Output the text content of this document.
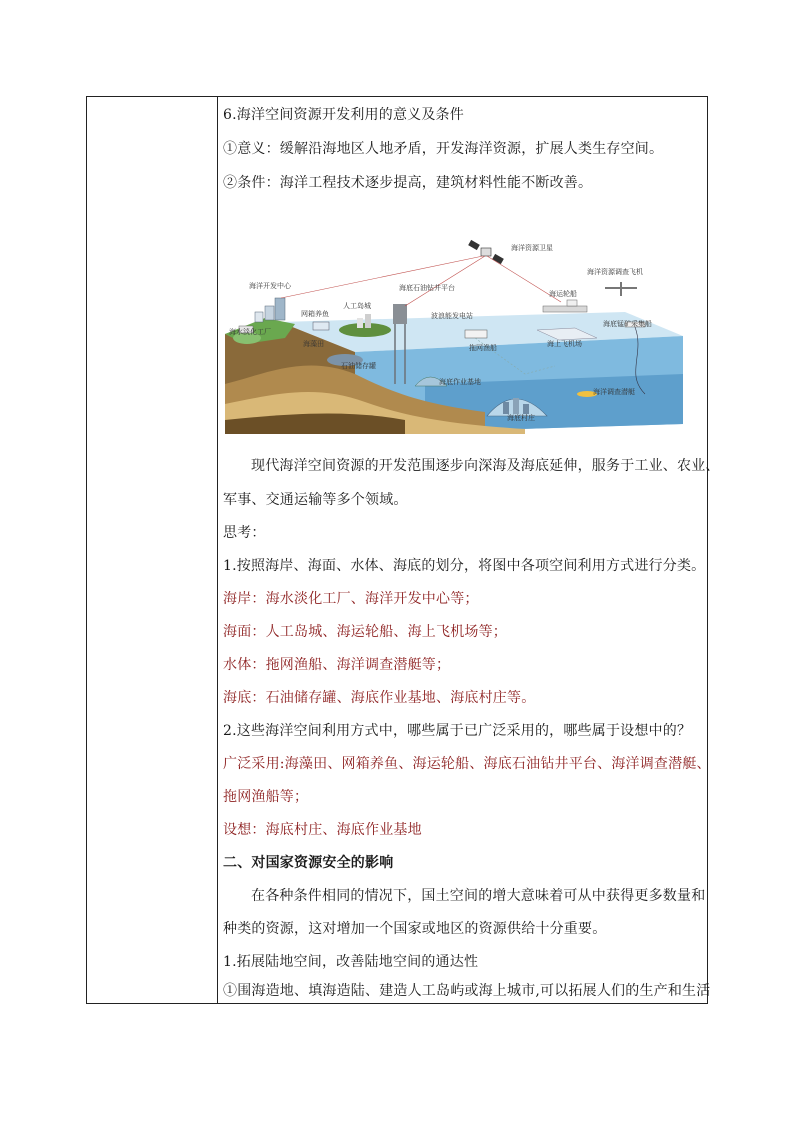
6.海洋空间资源开发利用的意义及条件
①意义：缓解沿海地区人地矛盾，开发海洋资源，扩展人类生存空间。
②条件：海洋工程技术逐步提高，建筑材料性能不断改善。
海洋资源卫星
海洋资源调查飞机
海洋开发中心
网箱养鱼
人工岛城
海底石油钻井平台
波浪能发电站
海运轮船
海底锰矿采集船
海水淡化工厂
海藻田	拖网渔船	海上飞机场
石油储存罐
海底作业基地
海洋调查潜艇
海底村庄
现代海洋空间资源的开发范围逐步向深海及海底延伸，服务于工业、农业、
军事、交通运输等多个领域。
思考：
1.按照海岸、海面、水体、海底的划分，将图中各项空间利用方式进行分类。
海岸：海水淡化工厂、海洋开发中心等；
海面：人工岛城、海运轮船、海上飞机场等；
水体：拖网渔船、海洋调查潜艇等；
海底：石油储存罐、海底作业基地、海底村庄等。
2.这些海洋空间利用方式中，哪些属于已广泛采用的，哪些属于设想中的？
广泛采用:海藻田、网箱养鱼、海运轮船、海底石油钻井平台、海洋调查潜艇、
拖网渔船等；
设想：海底村庄、海底作业基地
二、对国家资源安全的影响
在各种条件相同的情况下，国土空间的增大意味着可从中获得更多数量和
种类的资源，这对增加一个国家或地区的资源供给十分重要。
1.拓展陆地空间，改善陆地空间的通达性
①围海造地、填海造陆、建造人工岛屿或海上城市,可以拓展人们的生产和生活
